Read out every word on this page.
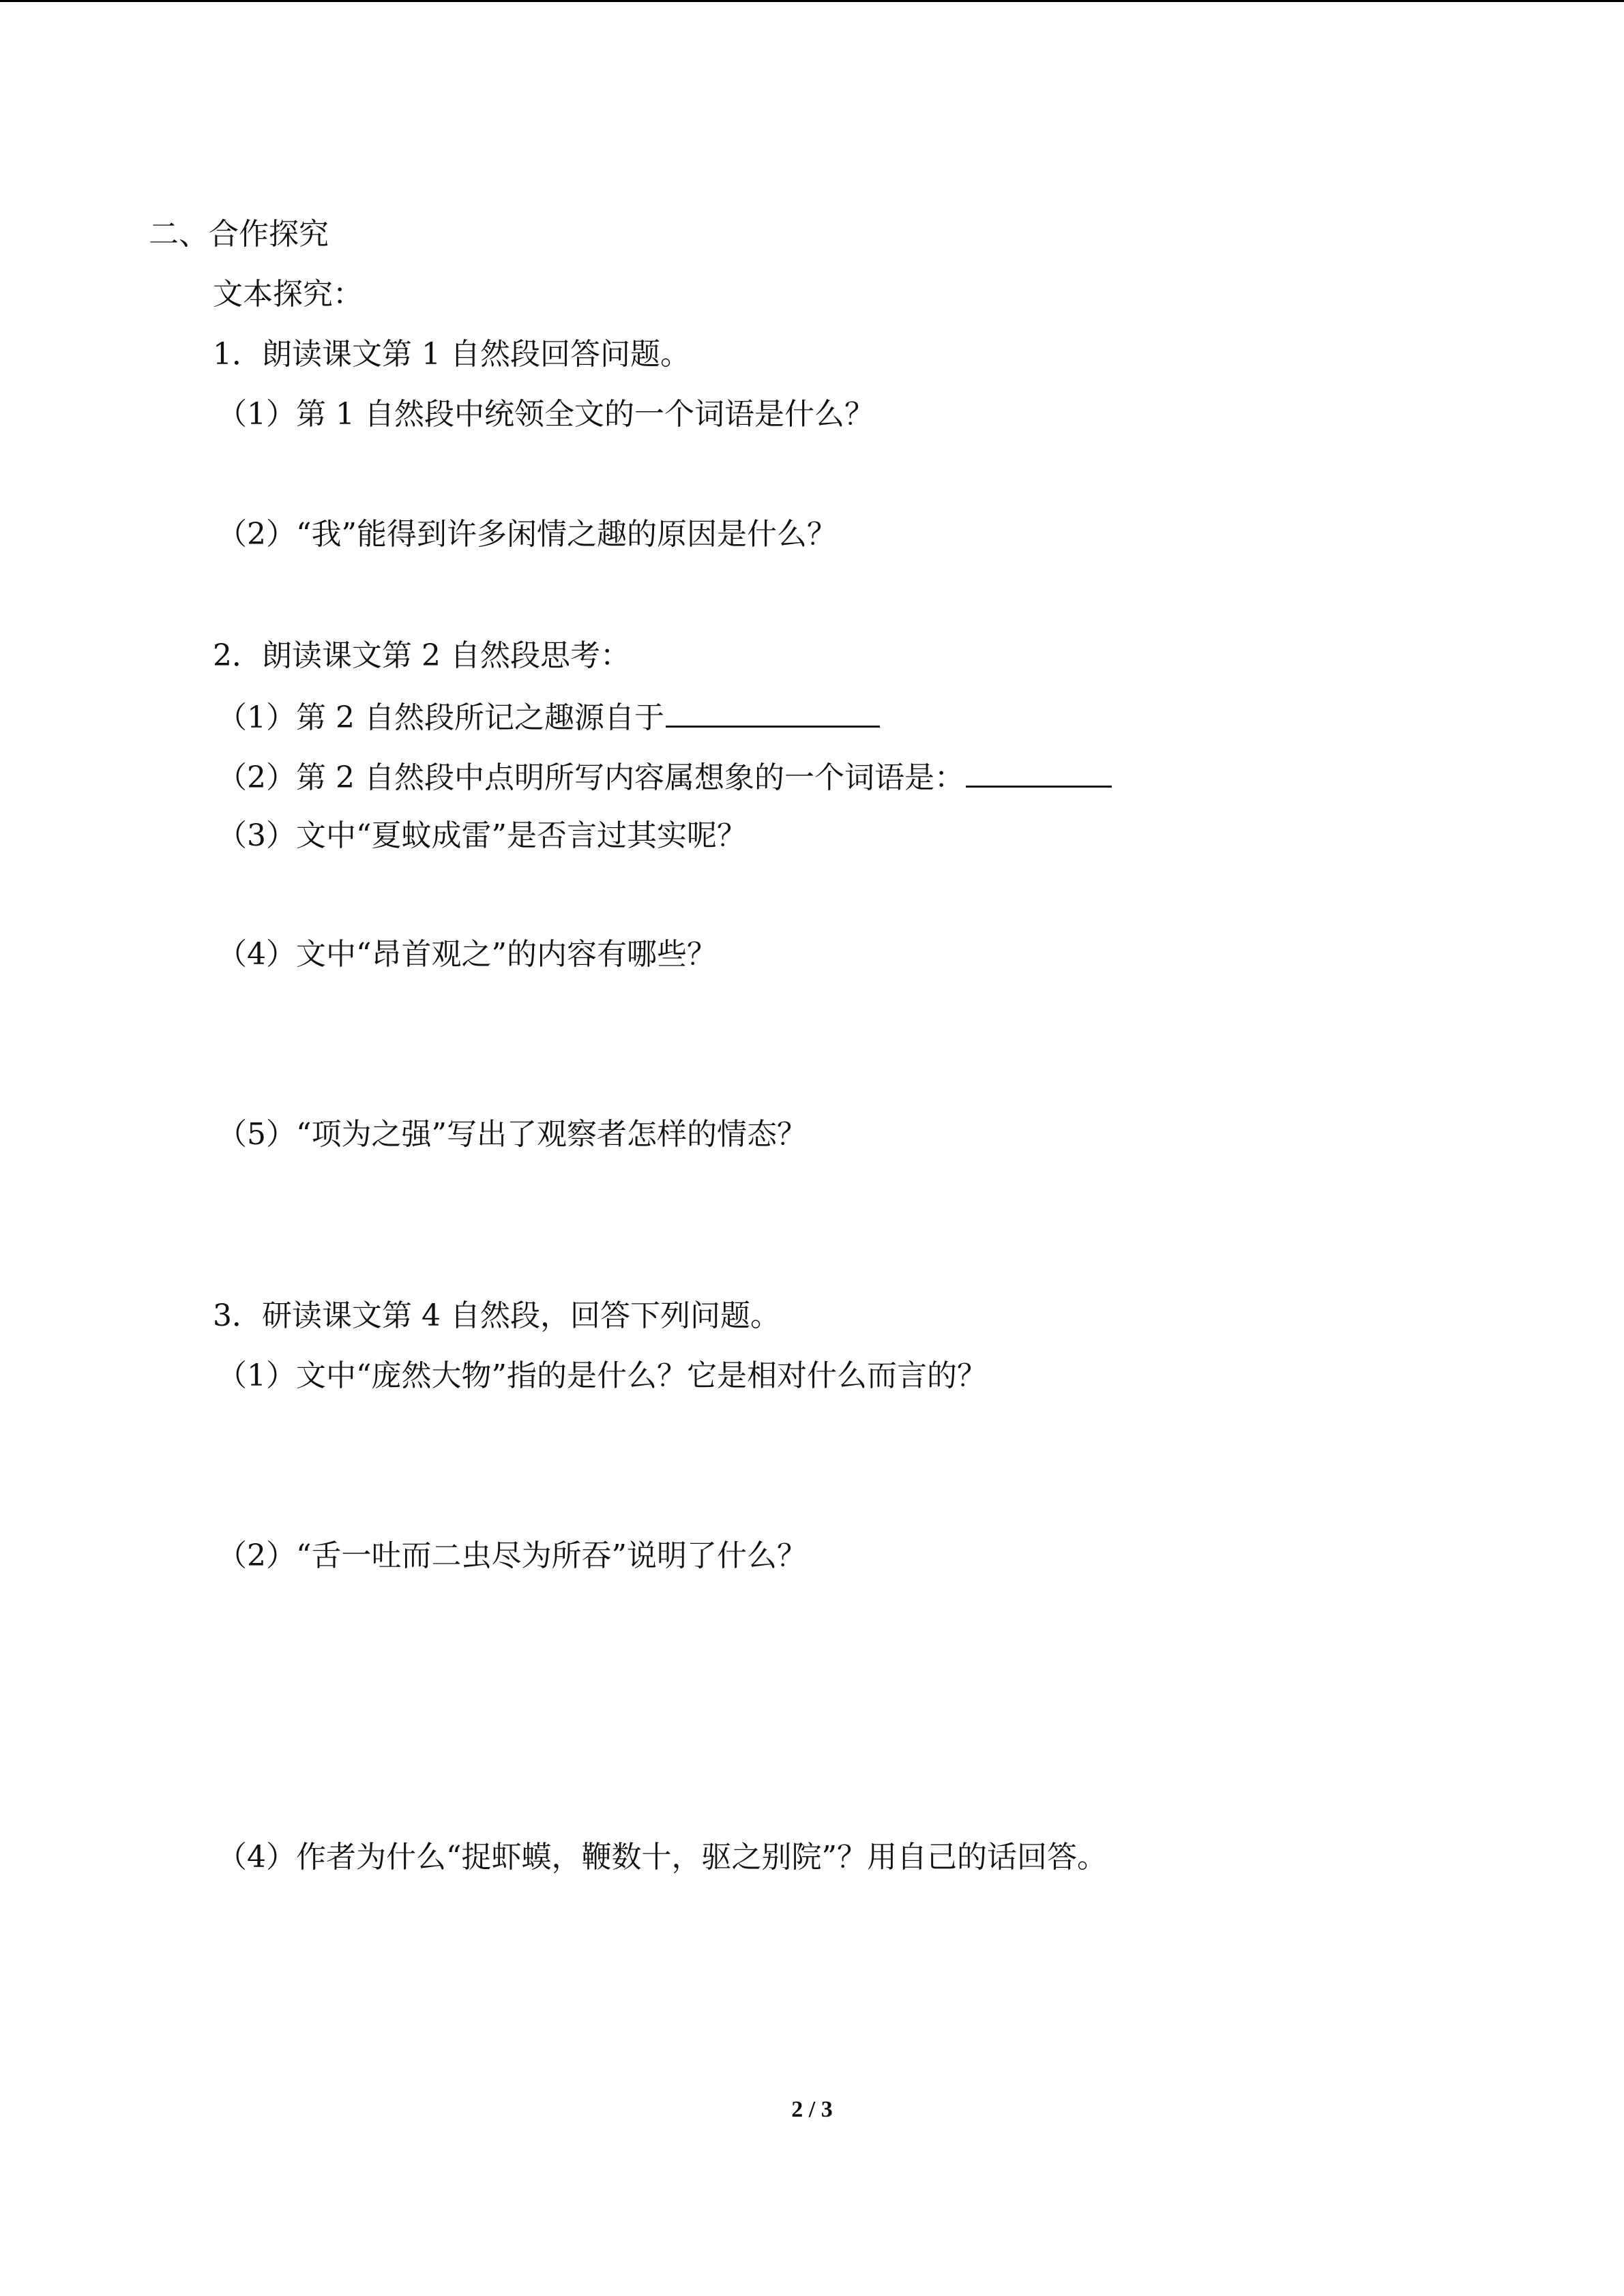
二、合作探究
文本探究：
1．朗读课文第 1 自然段回答问题。
（1）第 1 自然段中统领全文的一个词语是什么？
（2）“我”能得到许多闲情之趣的原因是什么？
2．朗读课文第 2 自然段思考：
（1）第 2 自然段所记之趣源自于
（2）第 2 自然段中点明所写内容属想象的一个词语是：
（3）文中“夏蚊成雷”是否言过其实呢？
（4）文中“昂首观之”的内容有哪些？
（5）“项为之强”写出了观察者怎样的情态？
3．研读课文第 4 自然段，回答下列问题。
（1）文中“庞然大物”指的是什么？它是相对什么而言的？
（2）“舌一吐而二虫尽为所吞”说明了什么？
（4）作者为什么“捉虾蟆，鞭数十，驱之别院”？用自己的话回答。
2 / 3
